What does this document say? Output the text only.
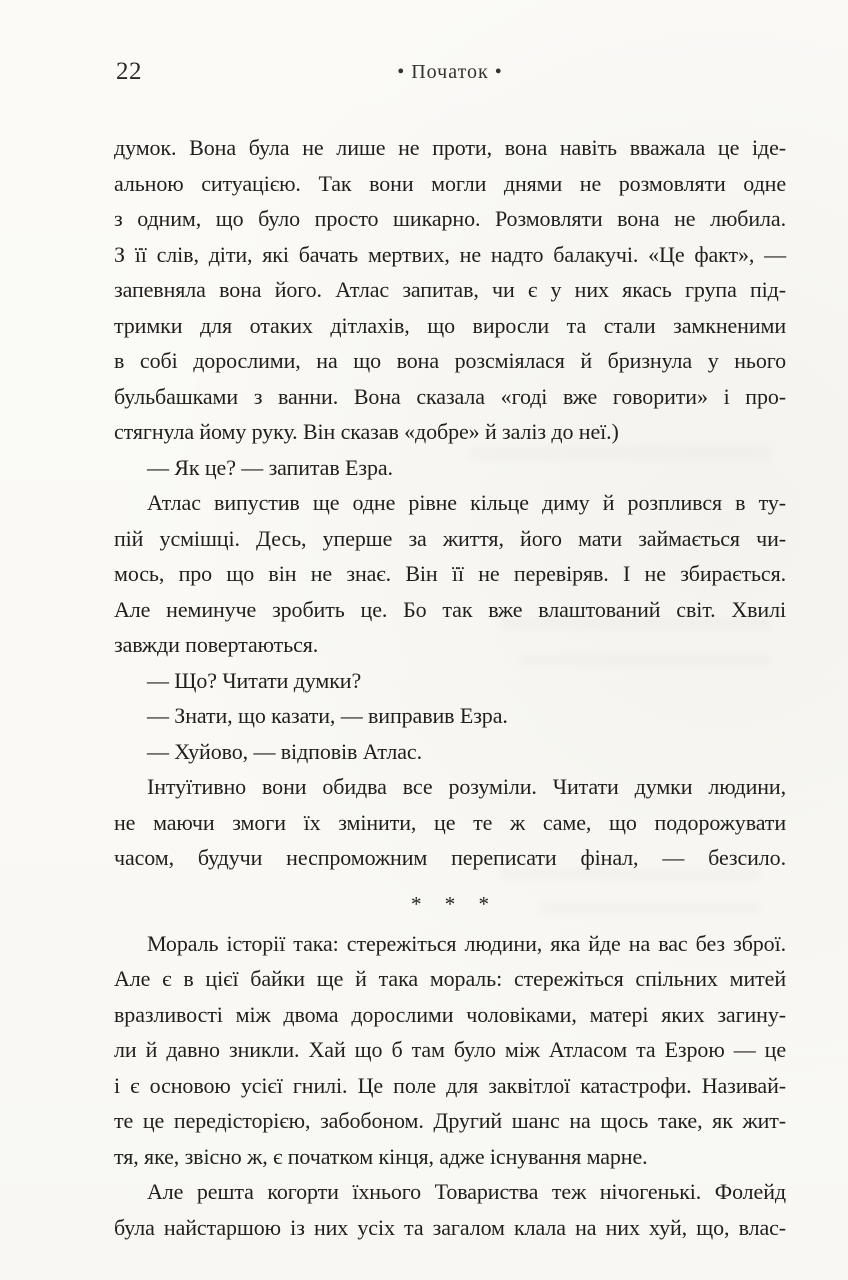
22	• Початок •
думок. Вона була не лише не проти, вона навіть вважала це іде-
альною ситуацією. Так вони могли днями не розмовляти одне
з одним, що було просто шикарно. Розмовляти вона не любила.
З її слів, діти, які бачать мертвих, не надто балакучі. «Це факт», —
запевняла вона його. Атлас запитав, чи є у них якась група під-
тримки для отаких дітлахів, що виросли та стали замкненими
в собі дорослими, на що вона розсміялася й бризнула у нього
бульбашками з ванни. Вона сказала «годі вже говорити» і про-
стягнула йому руку. Він сказав «добре» й заліз до неї.)
— Як це? — запитав Езра.
Атлас випустив ще одне рівне кільце диму й розплився в ту-
пій усмішці. Десь, уперше за життя, його мати займається чи-
мось, про що він не знає. Він її не перевіряв. І не збирається.
Але неминуче зробить це. Бо так вже влаштований світ. Хвилі
завжди повертаються.
— Що? Читати думки?
— Знати, що казати, — виправив Езра.
— Хуйово, — відповів Атлас.
Інтуїтивно вони обидва все розуміли. Читати думки людини,
не маючи змоги їх змінити, це те ж саме, що подорожувати
часом, будучи неспроможним переписати фінал, — безсило.
* * *
Мораль історії така: стережіться людини, яка йде на вас без зброї.
Але є в цієї байки ще й така мораль: стережіться спільних митей
вразливості між двома дорослими чоловіками, матері яких загину-
ли й давно зникли. Хай що б там було між Атласом та Езрою — це
і є основою усієї гнилі. Це поле для заквітлої катастрофи. Називай-
те це передісторією, забобоном. Другий шанс на щось таке, як жит-
тя, яке, звісно ж, є початком кінця, адже існування марне.
Але решта когорти їхнього Товариства теж нічогенькі. Фолейд
була найстаршою із них усіх та загалом клала на них хуй, що, влас-
